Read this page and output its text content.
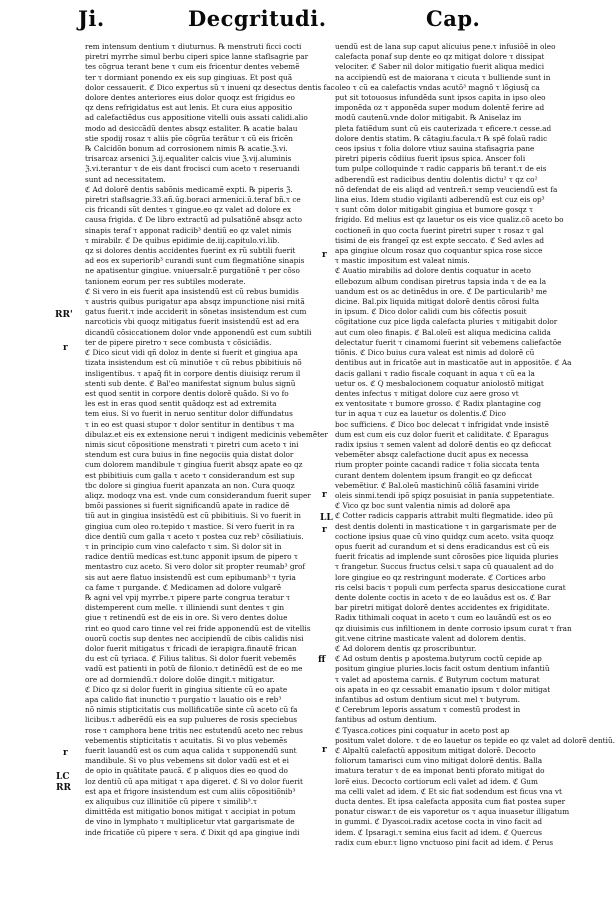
Ji.	Decgritudi.	Cap.
rem intensum dentium τ diuturnus. ℞ menstruti ficci cocti
piretri myrrhe simul berbu ciperi spice lanne staflsagrie par
tes cõgrua terant bene τ cum eis fricentur dentes vebemẽ
ter τ dormiant ponendo ex eis sup gingiuas. Et post quã
dolor cessauerit. ℭ Dico expertus sũ τ inueni qz desectus dentis fac
dolore dentes anteriores eius dolor quoqz est frigidus eo
qz dens refrigidatus est aut lenis. Et cura eius appositio
ad calefactiẽdus cus appositione vitelli ouis assati calidi.alio
modo ad desiccãdũ dentes absqz estaliter. ℞ acatie balau
stie spodij rosaz τ aliis pīe cõgrũa terãtur τ cũ eis fricẽn
℞ Calcidõn bonum ad corrosionem nimis ℞ acatie.ℨ.vi.
trisarcaz arsenici ℨ.ij.equaliter calcis viue ℨ.vij.aluminis
ℨ.vi.terantur τ de eis dant frocisci cum aceto τ reseruandi
sunt ad necessitatem.
ℭ Ad dolorẽ dentis sabõnis medicamẽ expti. ℞ piperis ℨ.
piretri staflsagrie.33.añ.ūg.boraci armenici.ū.teraf bñ.τ ce
cis fricandi sũt dentes τ gingue.eo qz valet ad dolore ex
causa frigida. ℭ De libro extractũ ad pulsatiõnẽ absqz acto
sinapis teraf τ apponat radicib³ dentiũ eo qz valet nimis
τ mirabilr. ℭ De quibus epidimie de.iij.capitulo.vi.lib.
qz si dolores dentis accidentes fuerint ex rũ subtili fuerit
ad eos ex superiorib³ curandi sunt cum flegmatiõne sinapis
ne apatisentur gingiue. vniuersalr.ẽ purgatiõnẽ τ per cõso
tanionem eorum per res subtiles moderate.
ℭ Si vero in eis fuerit apa insistendũ est cũ rebus bumidis
τ austris quibus purigatur apa absqz impunctione nisi rnitã
gatus fuerit.τ inde acciderit in sõnetas insistendum est cum
narcoticis vbi quoqz mitigatus fuerit insistendũ est ad era
dicandũ cõsiccationem dolor vnde apponendũ est cum subtili
ter de pipere piretro τ sece combusta τ cõsiciãdis.
ℭ Dico sicut vidi qñ doloz in dente si fuerit et gingiua apa
tizata insistendum est cũ minutiõe τ cũ rebus pbibitiuis nõ
insligentibus. τ apaq̃ fit in corpore dentis diuisiqz rerum il
stenti sub dente. ℭ Bal'eo manifestat signum bulus signũ
est quod sentit in corpore dentis dolorẽ quãdo. Si vo fo
les est in eras quod sentit quãdoqz est ad extremita
tem eius. Si vo fuerit in neruo sentitur dolor diffundatus
τ in eo est quasi stupor τ dolor sentitur in dentibus τ ma
dibulaz.et eis ex extensione nerui τ indigent medicinis vebemẽter
nimis sicut cõpositione menstrati τ piretri cum aceto τ ini
stendum est cura buius in fine negociis quia distat dolor
cum dolorem mandibule τ gingiua fuerit absqz apate eo qz
est pbibitiuis cum galla τ aceto τ considerandum est sup
tbc dolore si gingiua fuerit apanzata an non. Cura quoqz
aliqz. modoqz vna est. vnde cum considerandum fuerit super
bmõi passiones si fuerit significandũ apate in radice dẽ
tiũ aut in gingiua insistẽdũ est cũ pbibitiuis. Si vo fuerit in
gingiua cum oleo ro.tepido τ mastice. Si vero fuerit in ra
dice dentiũ cum galla τ aceto τ postea cuz reb³ cõsiliatiuis.
τ in principio cum vino calefacto τ sim. Si dolor sit in
radice dentiũ medicas est.tunc apponit ipsum de pipero τ
mentastro cuz aceto. Si vero dolor sit propter reumab³ grof
sis aut aere flatuo insistendũ est cum epibumanb³ τ tyria
ca fame τ purgande. ℭ Medicamen ad dolore vulgarẽ
℞ agni vel vpij myrrbe.τ pipere parte congrua teratur τ
distemperent cum melle. τ illiniendi sunt dentes τ gin
giue τ retinendũ est de eis in ore. Si vero dentes dolue
rint eo quod caro tinne vel rei fride apponendũ est de vitellis
ouorũ coctis sup dentes nec accipiendũ de cibis calidis nisi
dolor fuerit mitigatus τ fricadi de ierapigra.finautẽ frican
du est cũ tyriaca. ℭ Filius talitus. Si dolor fuerit vebemẽs
vadũ est patienti in potũ de filonio.τ detinẽdũ est de eo me
ore ad dormiendũ.τ dolore dolõe dingit.τ mitigatur.
ℭ Dico qz si dolor fuerit in gingiua sitiente cũ eo apate
apa calido fiat inunctio τ purgatio τ lauatio ois e reb³
nõ nimis stipticitatis cus mollificatiõe sinte cũ aceto cũ fa
licibus.τ adberẽdũ eis ea sup pulueres de rosis speciebus
rose τ camphora bene tritis nec estutendũ aceto nec rebus
vebementis stipticitatis τ acuitatis. Si vo plus vebemẽs
fuerit lauandũ est os cum aqua calida τ supponendũ sunt
mandibule. Si vo plus vebemens sit dolor vadũ est et ei
de opio in quãtitate paucã. ℭ p aliquos dies eo quod do
loz dentiũ cũ apa mitigat τ apa digeret. ℭ Si vo dolor fuerit
est apa et frigore insistendum est cum aliis cõpositiõnib³
ex aliquibus cuz illinitiõe cũ pipere τ similib³.τ
dimittẽda est mitigatio bonos mitigat τ accipiat in potum
de vino in lymphato τ multiplicetur vtat gargarismate de
inde fricatiõe cũ pipere τ sera. ℭ Dixit qd apa gingiue indi
uendũ est de lana sup caput alicuius pene.τ infusiõẽ in oleo
calefacta ponaf sup dente eo qz mitigat dolore τ dissipat
velociter. ℭ Saber nil dolor mitigatio fuerit aliqua medici
na accipiendũ est de maiorana τ cicuta τ bulliende sunt in
oleo τ cũ ea calefactis vndas acutõ³ magnõ τ lõgiusq̃ ca
put sit totouosus infundẽda sunt ipsos capita in ipso oleo
imponẽda oz τ apponẽda super modum dolentē ferire ad
modũ cautenũ.vnde dolor mitigabit. ℞ Aniselaz im
pleta fatiẽdum sunt cũ eis cauterizada τ eficere.τ cesse.ad
dolore dentis statim. ℞ cãtagiu.facula.τ ℞ spẽ folaũ radic
ceos ipsius τ folia dolore vtiuz sauina stafisagria pane
piretri piperis cõdiius fuerit ipsus spica. Anscer foli
tum pulpe colloquinde τ radic capparis bñ terant.τ de eis
adberendũ est radicibus dentiu dolentis dictu² τ qz co²
nõ defendat de eis aliqd ad ventreñ.τ semp veuciendũ est fa
lina eius. Idem studio vigilanti adberendũ est cuz eis op³
τ sunt cõm dolor mitigabit gingiua et bumore gosqz τ
frigido. Ed melius est qz lauetur os eis vice qualiz.cõ aceto bo
coctioneñ in quo cocta fuerint piretri super τ rosaz τ gal
tisimi de eis frangeĩ qz est expte seccato. ℭ Sed avles ad
apa gingiue olcum rosaz quo coquantur spica rose sicce
τ mastic impositum est valeat nimis.
ℭ Auatio mirabilis ad dolore dentis coquatur in aceto
ellebozum album condisan piretrus tapsia inda τ de ea la
uandum est os ac detinẽdus in ore. ℭ De particularib³ me
dicine. Bal.pix liquida mitigat dolorẽ dentis cõrosi fulta
in ipsum. ℭ Dico dolor calidi cum bis cõfectis posuit
cõgitatione cuz pice ligda calefacta pluries τ mitigabit dolor
aut cum oleo finapis. ℭ Bal.oleũ est aliqua medicina calida
delectatur fuerit τ cinamomi fuerint sit vebemens caliefactõe
tiõnis. ℭ Dico buius cura valeat est nimis ad dolorẽ cũ
dentibus aut in fricatõe aut in masticatõe aut in appositõe. ℭ Aa
dacis gallani τ radio fiscale coquant in aqua τ cũ ea la
uetur os. ℭ Q mesbalocionem coquatur aniolostõ mitigat
dentes infectus τ mitigat dolore cuz aere groso vt
ex ventositate τ bumore grosso. ℭ Radix plantagine cog
tur in aqua τ cuz ea lauetur os dolentis.ℭ Dico
boc sufficiens. ℭ Dico boc delecat τ infrigidat vnde insistẽ
dum est cum eis cuz dolor fuerit et caliditate. ℭ Eparagus
radix ipsius τ semen valent ad dolorẽ dentis eo qz deficcat
vebemẽter absqz calefactione ducit apus ex necessa
rium propter pointe cacandi radice τ folia siccata tenta
curant dentem dolentem ipsum frangit eo qz deficcat
vebemẽtiur. ℭ Bal.oleũ mastichinũ cõliã fasamini viride
oleis sinmi.tendi ipõ spiqz posuisiat in pania suppetentiate.
ℭ Vico qz boc sunt valentia nimis ad dolorẽ apa
ℭ Cotter radicis capparis attrabit multi flegmatide. ideo pũ
dest dentis dolenti in masticatione τ in gargarismate per de
coctione ipsius quae cũ vino quidqz cum aceto. vsita quoqz
opus fuerit ad curandum et si dens eradicandus est cũ eis
fuerit fricatis ad implende sunt cõrosões pice liquida pluries
τ frangetur. Succus fructus celsi.τ sapa cũ quaualent ad do
lore gingiue eo qz restringunt moderate. ℭ Cortices arbo
ris celsi bacis τ populi cum perfecta sparus desiccatione curat
dente dolente coctis in aceto τ de eo lauãdus est os. ℭ Bar
bar piretri mitigat dolorẽ dentes accidentes ex frigiditate.
Radix tithimali coquat in aceto τ cum eo lauãndũ est os eo
qz diuisimis cus infiltionem in dente corrosio ipsum curat τ fran
git.vene citrine masticate valent ad dolorem dentis.
ℭ Ad dolorem dentis qz proscribuntur.
ℭ Ad ostum dentis p apostema.butyrum coctũ cepide ap
positum gingiue pluries.locis facit ostum dentium infantiũ
τ valet ad apostema carnis. ℭ Butyrum coctum maturat
ois apata in eo qz cessabit emanatio ipsum τ dolor mitigat
infantibus ad ostum dentium sicut mel τ butyrum.
ℭ Cerebrum leporis assatum τ comestũ prodest in
fantibus ad ostum dentium.
ℭ Tyasca.cotices pini coquatur in aceto post ap
positum valet dolore. τ de eo lauetur os tepide eo qz valet ad dolorẽ dentiũ.
ℭ Alpaltũ calefactũ appositum mitigat dolorẽ. Decocto
foliorum tamarisci cum vino mitigat dolorẽ dentis. Balla
imatura teratur τ de ea imponat benti pforato mitigat do
lorẽ eius. Decocto cortiorum ecli valet ad idem. ℭ Gum
ma celli valet ad idem. ℭ Et sic fiat sodendum est ficus vna vt
ducta dentes. Et ipsa calefacta apposita cum fiat postea super
ponatur ciswar.τ de eis vaporetur os τ aqua inuasetur illigatum
in gummi. ℭ Dyascoi.radix acetose cocta in vino facit ad
idem. ℭ Ipsaragi.τ semina eius facit ad idem. ℭ Quercus
radix cum ebur.τ ligno vnctuoso pini facit ad idem. ℭ Perus
RR'
r
r
LC
RR
r
r
LL
r
ff
r
